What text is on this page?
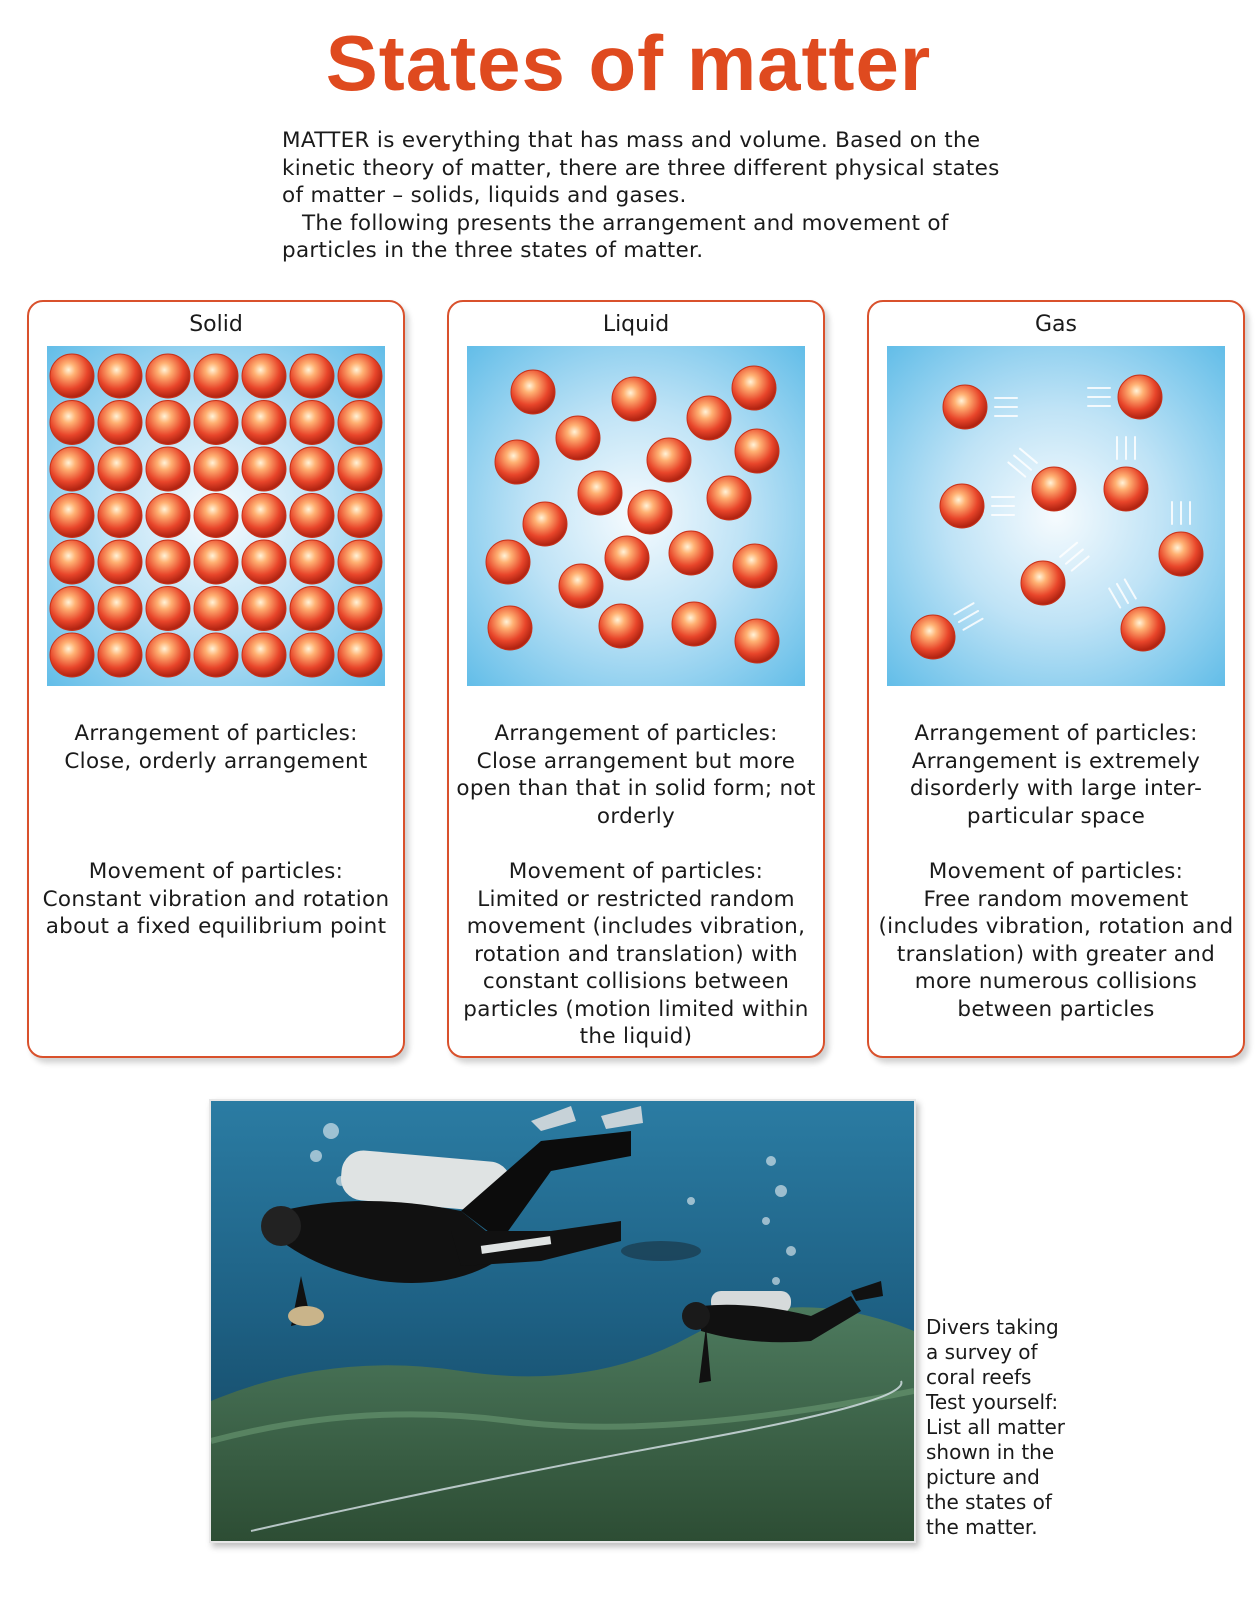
States of matter

MATTER is everything that has mass and volume. Based on the kinetic theory of matter, there are three different physical states of matter – solids, liquids and gases.

The following presents the arrangement and movement of particles in the three states of matter.

Solid
Arrangement of particles:
Close, orderly arrangement
Movement of particles:
Constant vibration and rotation about a fixed equilibrium point
Liquid
Arrangement of particles:
Close arrangement but more open than that in solid form; not orderly
Movement of particles:
Limited or restricted random movement (includes vibration, rotation and translation) with constant collisions between particles (motion limited within the liquid)
Gas
Arrangement of particles:
Arrangement is extremely disorderly with large inter-particular space
Movement of particles:
Free random movement (includes vibration, rotation and translation) with greater and more numerous collisions between particles
Divers taking
a survey of
coral reefs
Test yourself:
List all matter
shown in the
picture and
the states of
the matter.
